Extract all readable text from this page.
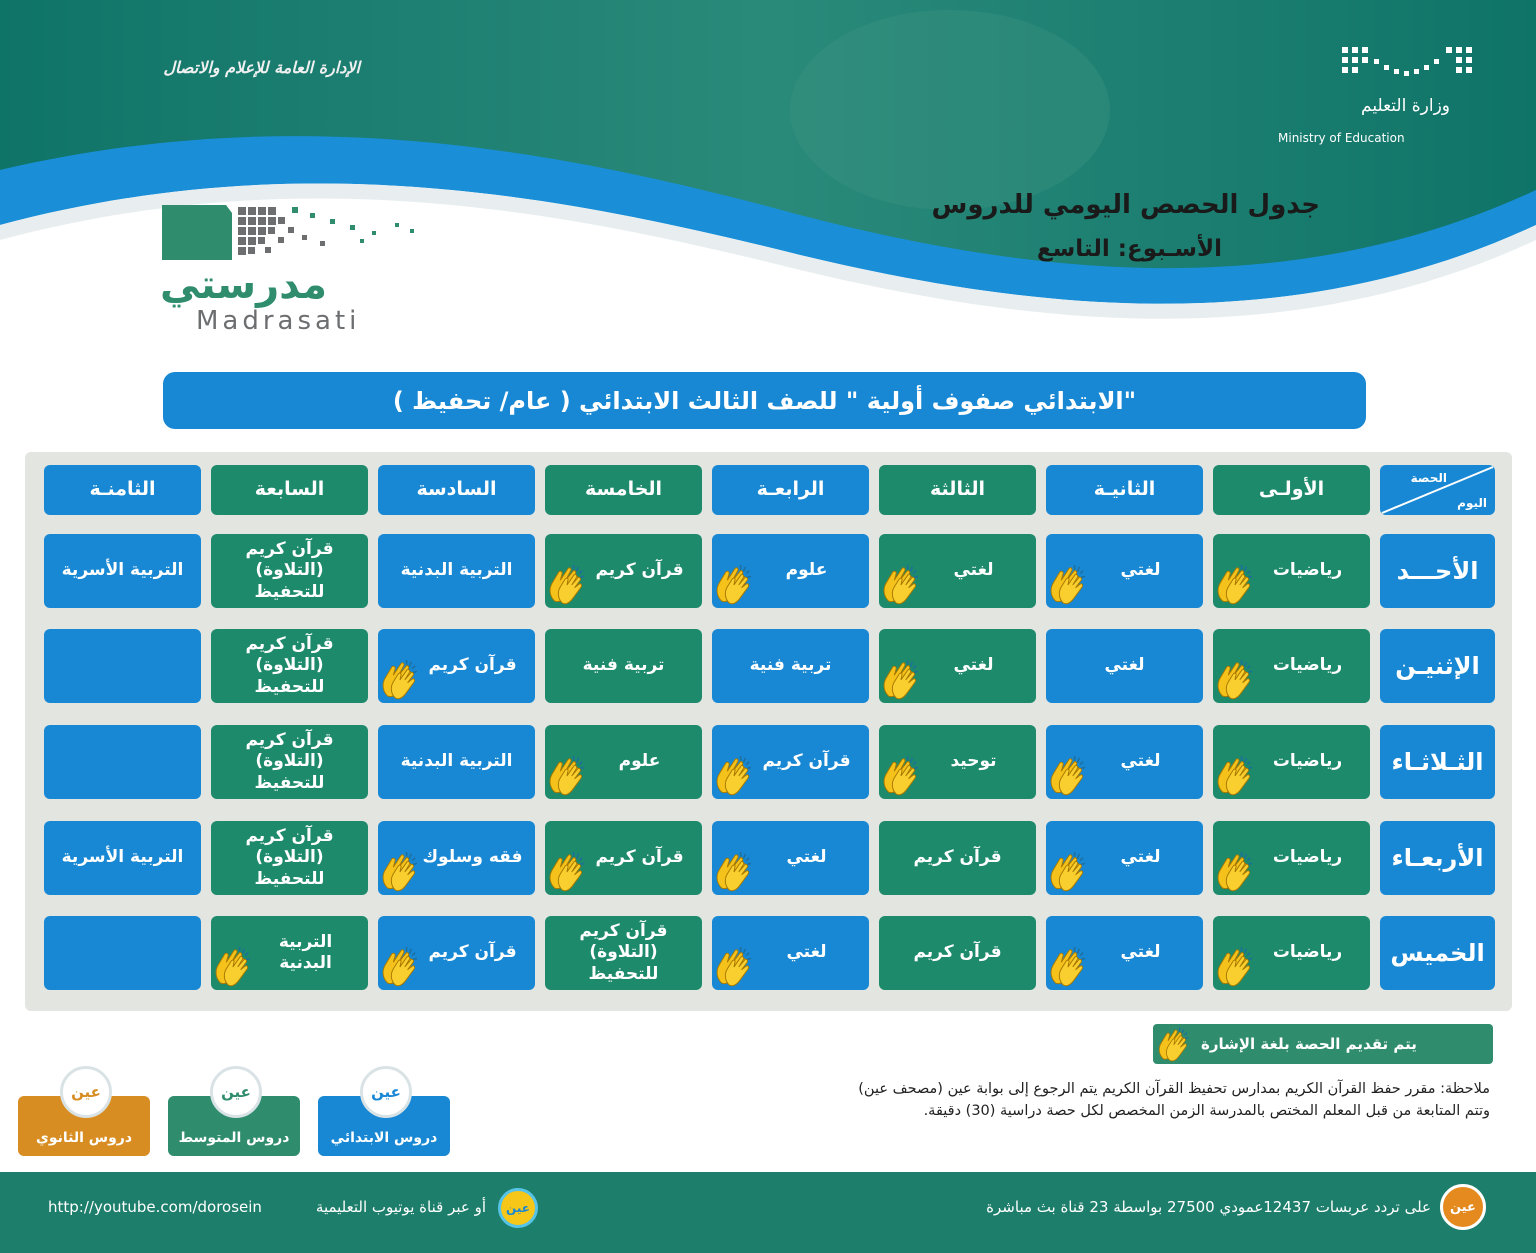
الإدارة العامة للإعلام والاتصال
وزارة التعليم
Ministry of Education
جدول الحصص اليومي للدروس
الأسـبوع: التاسع
مدرستي
Madrasati
"الابتدائي صفوف أولية " للصف الثالث الابتدائي ( عام/ تحفيظ )
الحصة
اليوم
الأولـى
الثانيـة
الثالثة
الرابعـة
الخامسة
السادسة
السابعة
الثامنـة
الأحـــد
رياضيات
لغتي
لغتي
علوم
قرآن كريم
التربية البدنية
قرآن كريم
(التلاوة)
للتحفيظ
التربية الأسرية
الإثنيـن
رياضيات
لغتي
لغتي
تربية فنية
تربية فنية
قرآن كريم
قرآن كريم
(التلاوة)
للتحفيظ
الثـلاثـاء
رياضيات
لغتي
توحيد
قرآن كريم
علوم
التربية البدنية
قرآن كريم
(التلاوة)
للتحفيظ
الأربعـاء
رياضيات
لغتي
قرآن كريم
لغتي
قرآن كريم
فقه وسلوك
قرآن كريم
(التلاوة)
للتحفيظ
التربية الأسرية
الخميس
رياضيات
لغتي
قرآن كريم
لغتي
قرآن كريم (التلاوة)
للتحفيظ
قرآن كريم
التربية
البدنية
يتم تقديم الحصة بلغة الإشارة
ملاحظة: مقرر حفظ القرآن الكريم بمدارس تحفيظ القرآن الكريم يتم الرجوع إلى بوابة عين (مصحف عين) وتتم المتابعة من قبل المعلم المختص بالمدرسة الزمن المخصص لكل حصة دراسية (30) دقيقة.
دروس الابتدائي
عين
دروس المتوسط
عين
دروس الثانوي
عين
عين
على تردد عربسات 12437عمودي 27500 بواسطة 23 قناة بث مباشرة
عين
أو عبر قناة يوتيوب التعليمية
http://youtube.com/dorosein
